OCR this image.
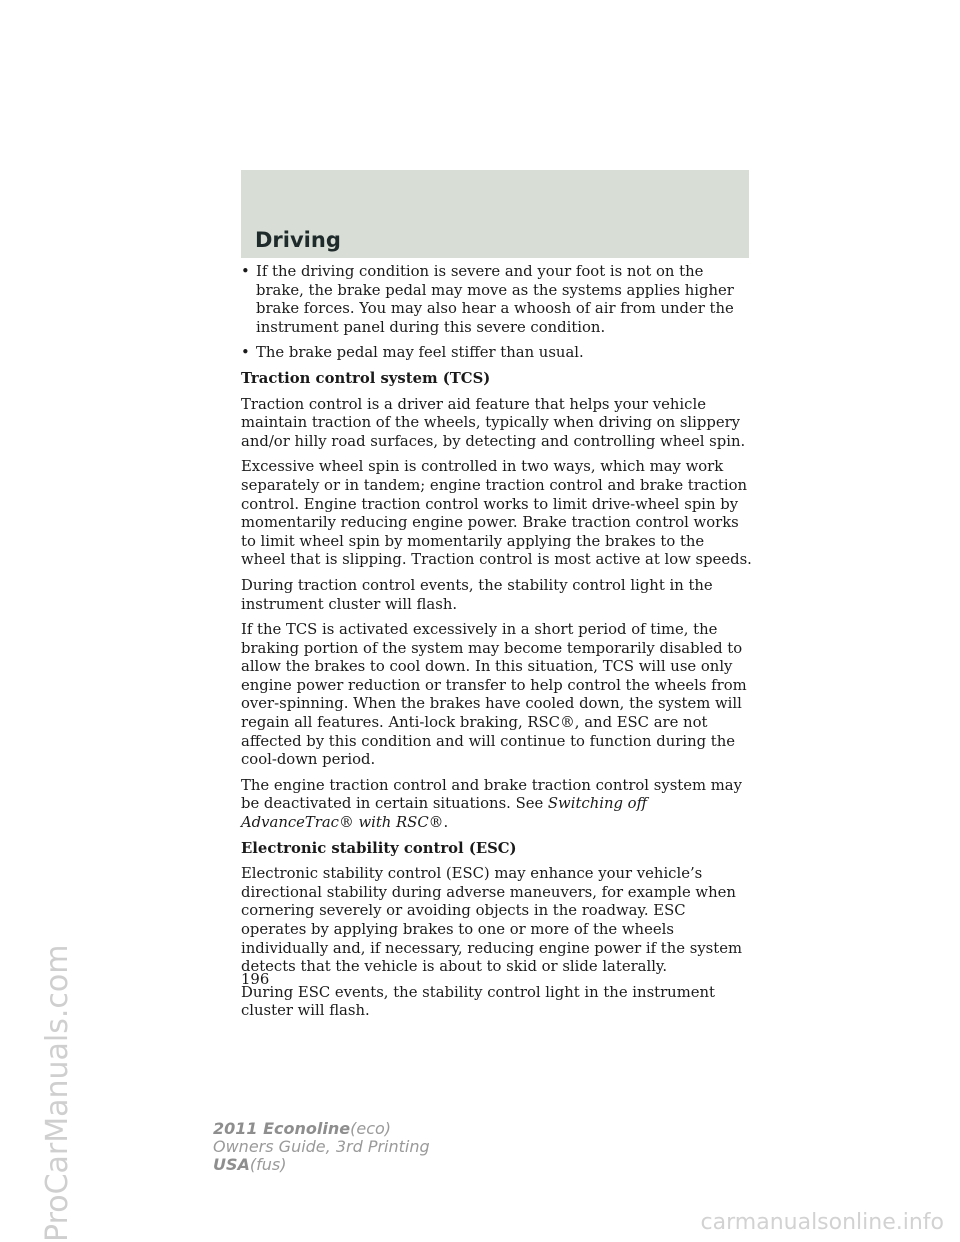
Driving
• If the driving condition is severe and your foot is not on the brake, the brake pedal may move as the systems applies higher brake forces. You may also hear a whoosh of air from under the instrument panel during this severe condition.
• The brake pedal may feel stiffer than usual.

Traction control system (TCS)

Traction control is a driver aid feature that helps your vehicle maintain traction of the wheels, typically when driving on slippery and/or hilly road surfaces, by detecting and controlling wheel spin.

Excessive wheel spin is controlled in two ways, which may work separately or in tandem; engine traction control and brake traction control. Engine traction control works to limit drive-wheel spin by momentarily reducing engine power. Brake traction control works to limit wheel spin by momentarily applying the brakes to the wheel that is slipping. Traction control is most active at low speeds.

During traction control events, the stability control light in the instrument cluster will flash.

If the TCS is activated excessively in a short period of time, the braking portion of the system may become temporarily disabled to allow the brakes to cool down. In this situation, TCS will use only engine power reduction or transfer to help control the wheels from over-spinning. When the brakes have cooled down, the system will regain all features. Anti-lock braking, RSC®, and ESC are not affected by this condition and will continue to function during the cool-down period.

The engine traction control and brake traction control system may be deactivated in certain situations. See Switching off AdvanceTrac® with RSC®.

Electronic stability control (ESC)

Electronic stability control (ESC) may enhance your vehicle’s directional stability during adverse maneuvers, for example when cornering severely or avoiding objects in the roadway. ESC operates by applying brakes to one or more of the wheels individually and, if necessary, reducing engine power if the system detects that the vehicle is about to skid or slide laterally.

During ESC events, the stability control light in the instrument cluster will flash.

196
2011 Econoline(eco)
Owners Guide, 3rd Printing
USA(fus)
ProCarManuals.com	carmanualsonline.info
